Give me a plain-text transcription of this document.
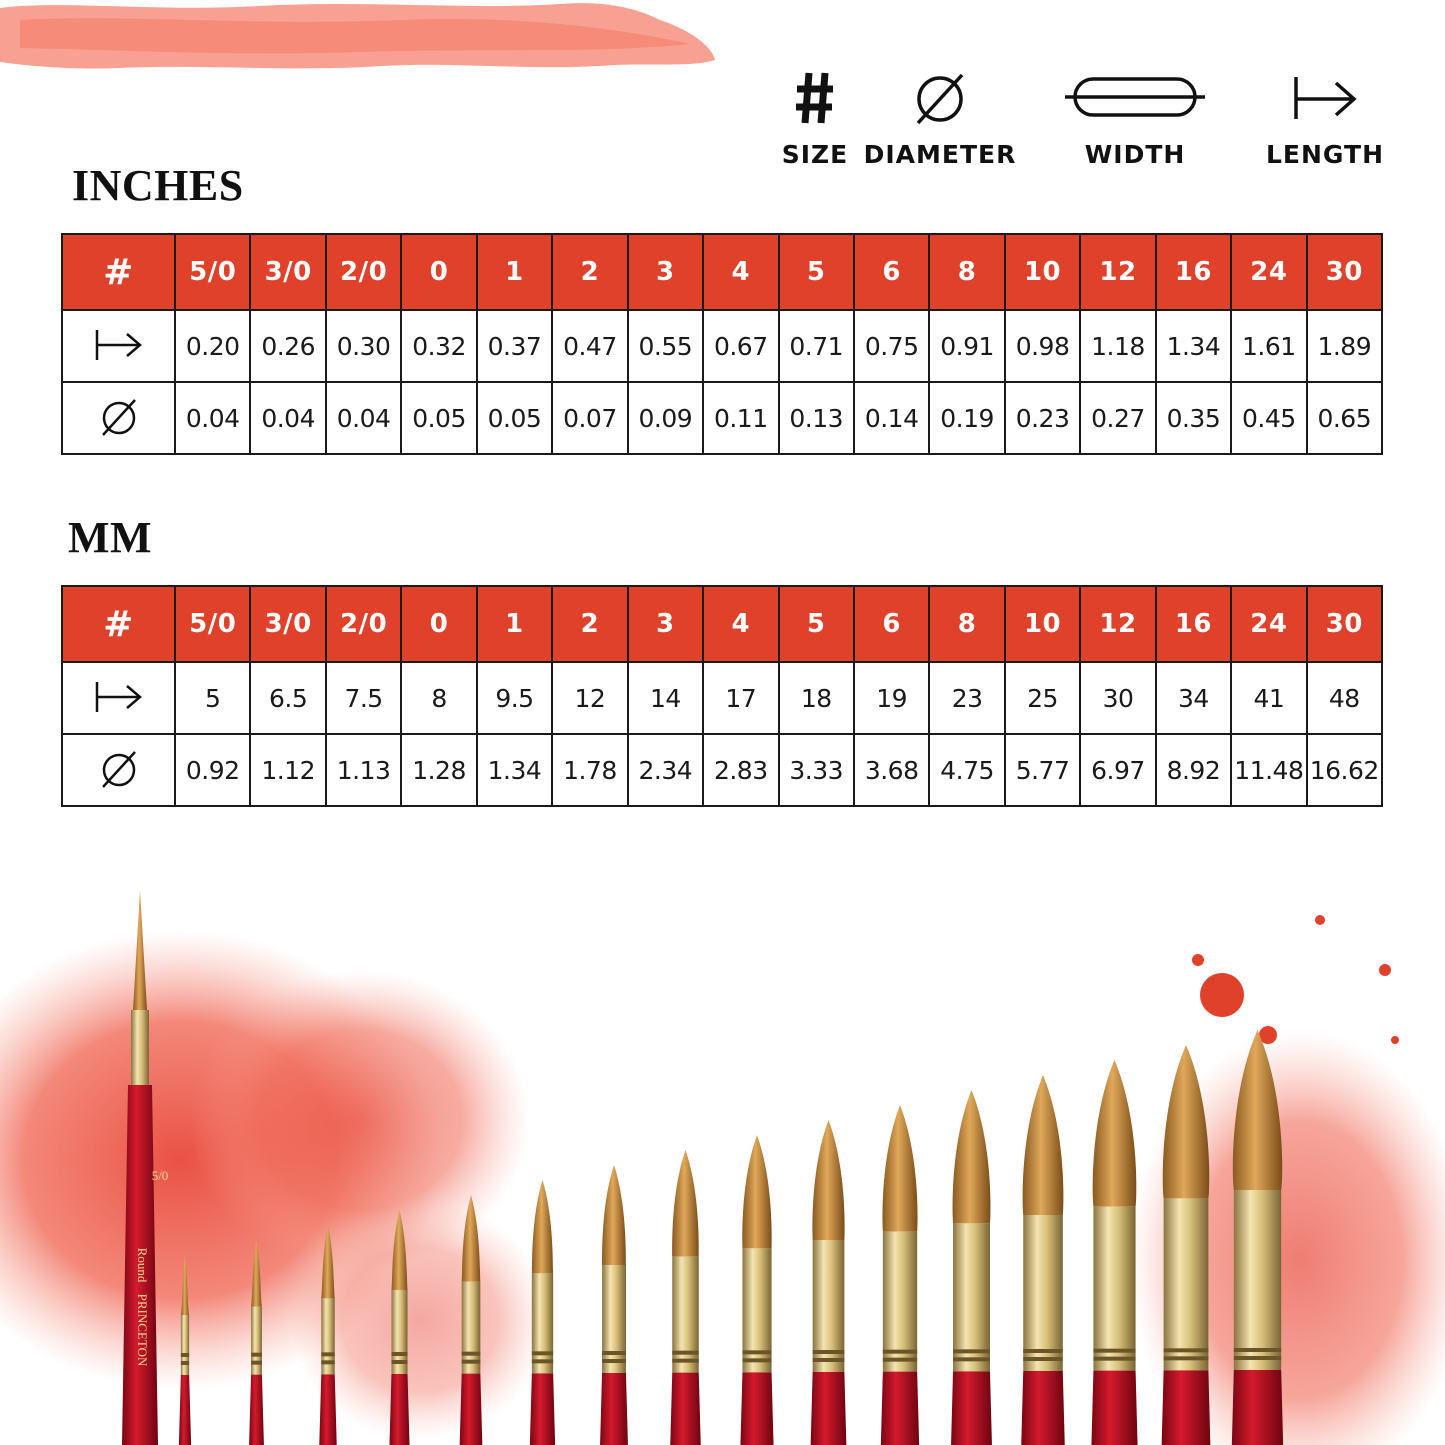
SIZE DIAMETER	WIDTH	LENGTH
INCHES
#	5/0	3/0	2/0	0	1	2	3	4	5	6	8	10	12	16	24	30
	0.20	0.26	0.30	0.32	0.37	0.47	0.55	0.67	0.71	0.75	0.91	0.98	1.18	1.34	1.61	1.89
	0.04	0.04	0.04	0.05	0.05	0.07	0.09	0.11	0.13	0.14	0.19	0.23	0.27	0.35	0.45	0.65
MM
#	5/0	3/0	2/0	0	1	2	3	4	5	6	8	10	12	16	24	30
	5	6.5	7.5	8	9.5	12	14	17	18	19	23	25	30	34	41	48
	0.92	1.12	1.13	1.28	1.34	1.78	2.34	2.83	3.33	3.68	4.75	5.77	6.97	8.92	11.48	16.62
5/0
Round
PRINCETON
